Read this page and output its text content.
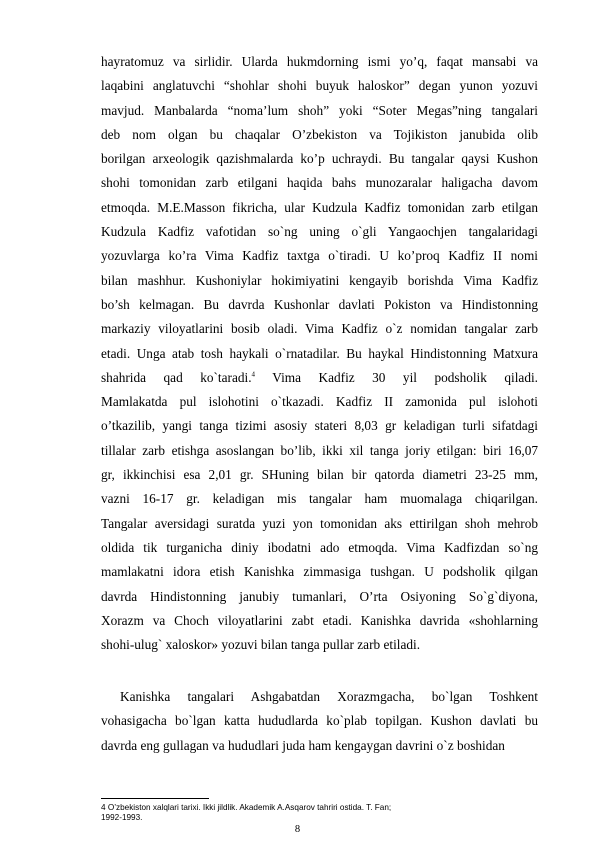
hayratomuz va sirlidir. Ularda hukmdorning ismi yo’q, faqat mansabi va
laqabini anglatuvchi “shohlar shohi buyuk haloskor” degan yunon yozuvi
mavjud. Manbalarda “noma’lum shoh” yoki “Soter Megas”ning tangalari
deb nom olgan bu chaqalar O’zbekiston va Tojikiston janubida olib
borilgan arxeologik qazishmalarda ko’p uchraydi. Bu tangalar qaysi Kushon
shohi tomonidan zarb etilgani haqida bahs munozaralar haligacha davom
etmoqda. M.E.Masson fikricha, ular Kudzula Kadfiz tomonidan zarb etilgan
Kudzula Kadfiz vafotidan so`ng uning o`gli Yangaochjen tangalaridagi
yozuvlarga ko’ra Vima Kadfiz taxtga o`tiradi. U ko’proq Kadfiz II nomi
bilan mashhur. Kushoniylar hokimiyatini kengayib borishda Vima Kadfiz
bo’sh kelmagan. Bu davrda Kushonlar davlati Pokiston va Hindistonning
markaziy viloyatlarini bosib oladi. Vima Kadfiz o`z nomidan tangalar zarb
etadi. Unga atab tosh haykali o`rnatadilar. Bu haykal Hindistonning Matxura
shahrida qad ko`taradi.$^4$ Vima Kadfiz 30 yil podsholik qiladi.
Mamlakatda pul islohotini o`tkazadi. Kadfiz II zamonida pul islohoti
o’tkazilib, yangi tanga tizimi asosiy stateri 8,03 gr keladigan turli sifatdagi
tillalar zarb etishga asoslangan bo’lib, ikki xil tanga joriy etilgan: biri 16,07
gr, ikkinchisi esa 2,01 gr. SHuning bilan bir qatorda diametri 23-25 mm,
vazni 16-17 gr. keladigan mis tangalar ham muomalaga chiqarilgan.
Tangalar aversidagi suratda yuzi yon tomonidan aks ettirilgan shoh mehrob
oldida tik turganicha diniy ibodatni ado etmoqda. Vima Kadfizdan so`ng
mamlakatni idora etish Kanishka zimmasiga tushgan. U podsholik qilgan
davrda Hindistonning janubiy tumanlari, O’rta Osiyoning So`g`diyona,
Xorazm va Choch viloyatlarini zabt etadi. Kanishka davrida «shohlarning
shohi-ulug` xaloskor» yozuvi bilan tanga pullar zarb etiladi.
Kanishka tangalari Ashgabatdan Xorazmgacha, bo`lgan Toshkent
vohasigacha bo`lgan katta hududlarda ko`plab topilgan. Kushon davlati bu
davrda eng gullagan va hududlari juda ham kengaygan davrini o`z boshidan
4 O’zbekiston xalqlari tarixi. Ikki jildlik. Akademik A.Asqarov tahriri ostida. T. Fan;
1992-1993.
8
